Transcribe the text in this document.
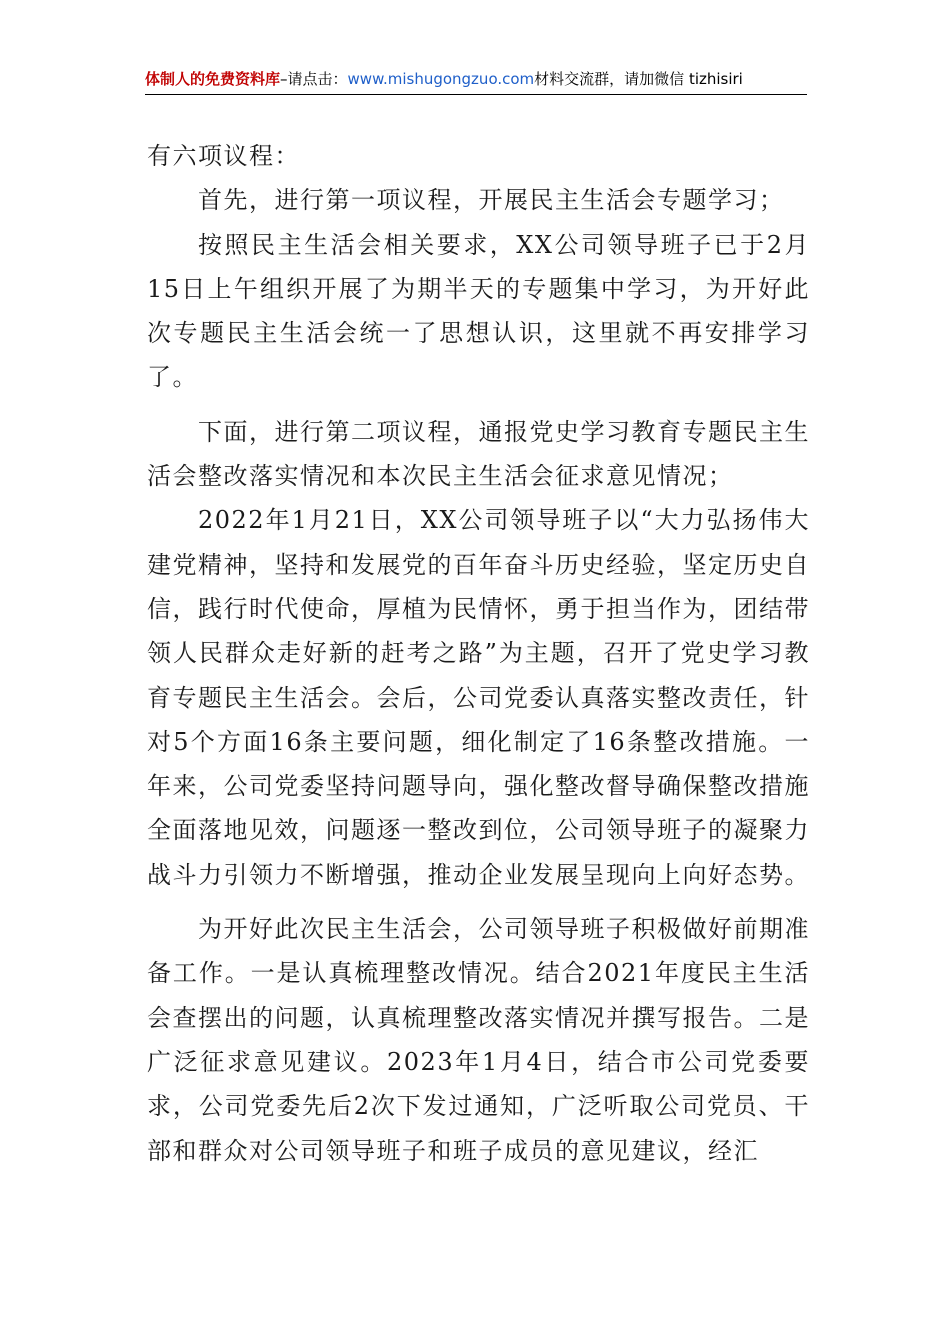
体制人的免费资料库–请点击：www.mishugongzuo.com材料交流群，请加微信 tizhisiri

有六项议程：

首先，进行第一项议程，开展民主生活会专题学习；

按照民主生活会相关要求，XX公司领导班子已于2月15日上午组织开展了为期半天的专题集中学习，为开好此次专题民主生活会统一了思想认识，这里就不再安排学习了。

下面，进行第二项议程，通报党史学习教育专题民主生活会整改落实情况和本次民主生活会征求意见情况；

2022年1月21日，XX公司领导班子以“大力弘扬伟大建党精神，坚持和发展党的百年奋斗历史经验，坚定历史自信，践行时代使命，厚植为民情怀，勇于担当作为，团结带领人民群众走好新的赶考之路”为主题，召开了党史学习教育专题民主生活会。会后，公司党委认真落实整改责任，针对5个方面16条主要问题，细化制定了16条整改措施。一年来，公司党委坚持问题导向，强化整改督导确保整改措施全面落地见效，问题逐一整改到位，公司领导班子的凝聚力战斗力引领力不断增强，推动企业发展呈现向上向好态势。

为开好此次民主生活会，公司领导班子积极做好前期准备工作。一是认真梳理整改情况。结合2021年度民主生活会查摆出的问题，认真梳理整改落实情况并撰写报告。二是广泛征求意见建议。2023年1月4日，结合市公司党委要求，公司党委先后2次下发过通知，广泛听取公司党员、干部和群众对公司领导班子和班子成员的意见建议，经汇
